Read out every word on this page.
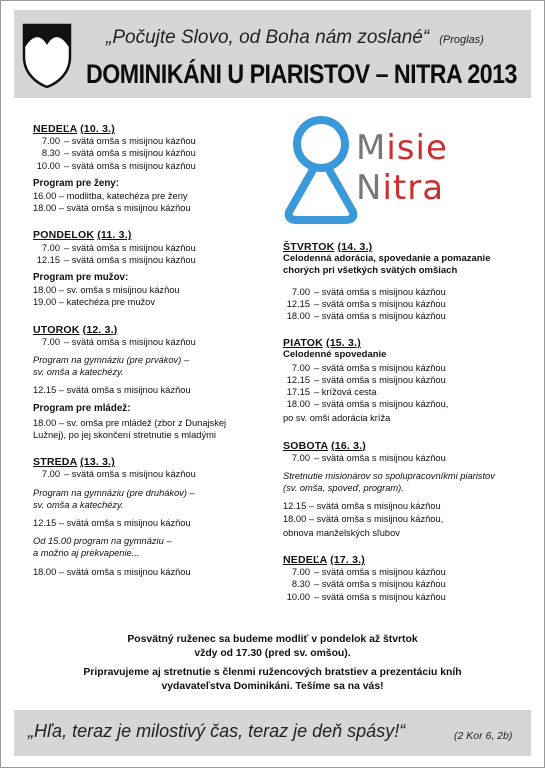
„Počujte Slovo, od Boha nám zoslané“ (Proglas)
DOMINIKÁNI U PIARISTOV – NITRA 2013
Misie
Nitra
NEDEĽA (10. 3.)
7.00 – svätá omša s misijnou kázňou
8.30 – svätá omša s misijnou kázňou
10.00 – svätá omša s misijnou kázňou
Program pre ženy:
16.00 – modlitba, katechéza pre ženy
18.00 – svätá omša s misijnou kázňou
PONDELOK (11. 3.)
7.00 – svätá omša s misijnou kázňou
12.15 – svätá omša s misijnou kázňou
Program pre mužov:
18.00 – sv. omša s misijnou kázňou
19.00 – katechéza pre mužov
UTOROK (12. 3.)
7.00 – svätá omša s misijnou kázňou
Program na gymnáziu (pre prvákov) –
sv. omša a katechézy.
12.15 – svätá omša s misijnou kázňou
Program pre mládež:
18.00 – sv. omša pre mládež (zbor z Dunajskej
Lužnej), po jej skončení stretnutie s mladými
STREDA (13. 3.)
7.00 – svätá omša s misijnou kázňou
Program na gymnáziu (pre druhákov) –
sv. omša a katechézy.
12.15 – svätá omša s misijnou kázňou
Od 15.00 program na gymnáziu –
a možno aj prekvapenie...
18.00 – svätá omša s misijnou kázňou
ŠTVRTOK (14. 3.)
Celodenná adorácia, spovedanie a pomazanie
chorých pri všetkých svätých omšiach
7.00 – svätá omša s misijnou kázňou
12.15 – svätá omša s misijnou kázňou
18.00 – svätá omša s misijnou kázňou
PIATOK (15. 3.)
Celodenné spovedanie
7.00 – svätá omša s misijnou kázňou
12.15 – svätá omša s misijnou kázňou
17.15 – krížová cesta
18.00 – svätá omša s misijnou kázňou,
po sv. omši adorácia kríža
SOBOTA (16. 3.)
7.00 – svätá omša s misijnou kázňou
Stretnutie misionárov so spolupracovníkmi piaristov
(sv. omša, spoveď, program).
12.15 – svätá omša s misijnou kázňou
18.00 – svätá omša s misijnou kázňou,
obnova manželských sľubov
NEDEĽA (17. 3.)
7.00 – svätá omša s misijnou kázňou
8.30 – svätá omša s misijnou kázňou
10.00 – svätá omša s misijnou kázňou

Posvätný ruženec sa budeme modliť v pondelok až štvrtok
vždy od 17.30 (pred sv. omšou).

Pripravujeme aj stretnutie s členmi ružencových bratstiev a prezentáciu kníh
vydavateľstva Dominikáni. Tešíme sa na vás!

„Hľa, teraz je milostivý čas, teraz je deň spásy!“	(2 Kor 6, 2b)
